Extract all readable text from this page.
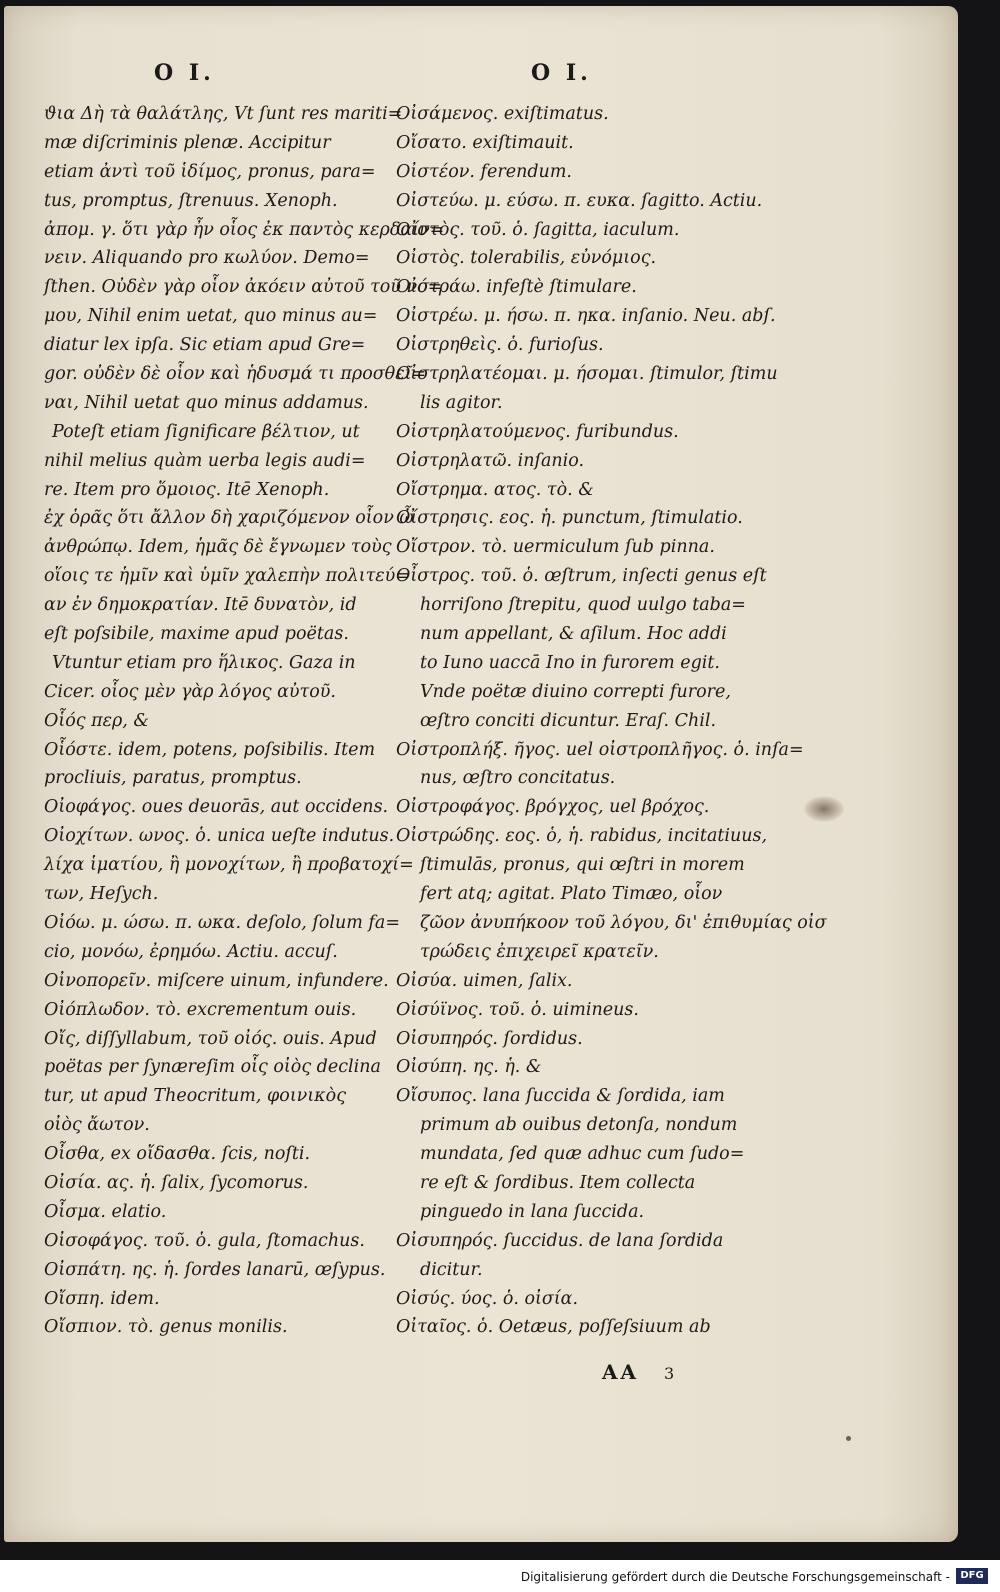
O I.
ϑια Δὴ τὰ θαλάτλης, Vt ſunt res mariti=
mæ diſcriminis plenæ. Accipitur
etiam ἀντὶ τοῦ ἱδίμος, pronus, para=
tus, promptus, ſtrenuus. Xenoph.
ἀπομ. γ. ὅτι γὰρ ἦν οἷος ἐκ παντὸς κερδαίν=
νειν. Aliquando pro κωλύον. Demo=
ſthen. Οὐδὲν γὰρ οἷον ἀκόειν αὐτοῦ τοῦ νό=
μου, Nihil enim uetat, quo minus au=
diatur lex ipſa. Sic etiam apud Gre=
gor. οὐδὲν δὲ οἷον καὶ ἡδυσμά τι προσθεῖ=
ναι, Nihil uetat quo minus addamus.
Poteſt etiam ſignificare βέλτιον, ut
nihil melius quàm uerba legis audi=
re. Item pro ὅμοιος. Itē Xenoph.
ἐχ ὁρᾶς ὅτι ἄλλον δὴ χαριζόμενον οἷον ὦ
ἀνθρώπῳ. Idem, ἡμᾶς δὲ ἔγνωμεν τοὺς
οἵοις τε ἡμῖν καὶ ὑμῖν χαλεπὴν πολιτεύ=
αν ἐν δημοκρατίαν. Itē δυνατὸν, id
eſt poſsibile, maxime apud poëtas.
Vtuntur etiam pro ἥλικος. Gaza in
Cicer. οἷος μὲν γὰρ λόγος αὐτοῦ.
Οἷός περ, &
Οἷόστε. idem, potens, poſsibilis. Item
procliuis, paratus, promptus.
Οἰοφάγος. oues deuorās, aut occidens.
Οἰοχίτων. ωνος. ὁ. unica ueſte indutus.
λίχα ἱματίου, ἢ μονοχίτων, ἢ προβατοχί=
των, Heſych.
Οἰόω. μ. ώσω. π. ωκα. deſolo, ſolum fa=
cio, μονόω, ἐρημόω. Actiu. accuſ.
Οἰνοπορεῖν. miſcere uinum, infundere.
Οἰόπλωδον. τὸ. excrementum ouis.
Οἴς, diſſyllabum, τοῦ οἰός. ouis. Apud
poëtas per ſynæreſim οἷς οἰὸς declina
tur, ut apud Theocritum, φοινικὸς
οἰὸς ἄωτον.
Οἶσθα, ex οἴδασθα. ſcis, noſti.
Οἰσία. ας. ἡ. ſalix, ſycomorus.
Οἶσμα. elatio.
Οἰσοφάγος. τοῦ. ὁ. gula, ſtomachus.
Οἰσπάτη. ης. ἡ. ſordes lanarū, œſypus.
Οἴσπη. idem.
Οἴσπιον. τὸ. genus monilis.
O I.
Οἰσάμενος. exiſtimatus.
Οἴσατο. exiſtimauit.
Οἰστέον. ferendum.
Οἰστεύω. μ. εύσω. π. ευκα. ſagitto. Actiu.
Οἰστὸς. τοῦ. ὁ. ſagitta, iaculum.
Οἰστὸς. tolerabilis, εὐνόμιος.
Οἰστράω. infeſtè ſtimulare.
Οἰστρέω. μ. ήσω. π. ηκα. inſanio. Neu. abſ.
Οἰστρηθεὶς. ὁ. furioſus.
Οἰστρηλατέομαι. μ. ήσομαι. ſtimulor, ſtimu
lis agitor.
Οἰστρηλατούμενος. furibundus.
Οἰστρηλατῶ. inſanio.
Οἴστρημα. ατος. τὸ. &
Οἴστρησις. εος. ἡ. punctum, ſtimulatio.
Οἴστρον. τὸ. uermiculum ſub pinna.
Οἶστρος. τοῦ. ὁ. œſtrum, inſecti genus eſt
horriſono ſtrepitu, quod uulgo taba=
num appellant, & aſilum. Hoc addi
to Iuno uaccā Ino in furorem egit.
Vnde poëtæ diuino correpti furore,
œſtro conciti dicuntur. Eraſ. Chil.
Οἰστροπλήξ. ῆγος. uel οἰστροπλῆγος. ὁ. inſa=
nus, œſtro concitatus.
Οἰστροφάγος. βρόγχος, uel βρόχος.
Οἰστρώδης. εος. ὁ, ἡ. rabidus, incitatiuus,
ſtimulās, pronus, qui œſtri in morem
fert atq; agitat. Plato Timæo, οἷον
ζῶον ἀνυπήκοον τοῦ λόγου, δι' ἐπιθυμίας οἰσ
τρώδεις ἐπιχειρεῖ κρατεῖν.
Οἰσύα. uimen, ſalix.
Οἰσύϊνος. τοῦ. ὁ. uimineus.
Οἰσυπηρός. ſordidus.
Οἰσύπη. ης. ἡ. &
Οἴσυπος. lana ſuccida & ſordida, iam
primum ab ouibus detonſa, nondum
mundata, ſed quæ adhuc cum ſudo=
re eſt & ſordibus. Item collecta
pinguedo in lana ſuccida.
Οἰσυπηρός. ſuccidus. de lana ſordida
dicitur.
Οἰσύς. ύος. ὁ. οἰσία.
Οἰταῖος. ὁ. Oetæus, poſſeſsiuum ab
AA 3
Digitalisierung gefördert durch die Deutsche Forschungsgemeinschaft -	DFG
